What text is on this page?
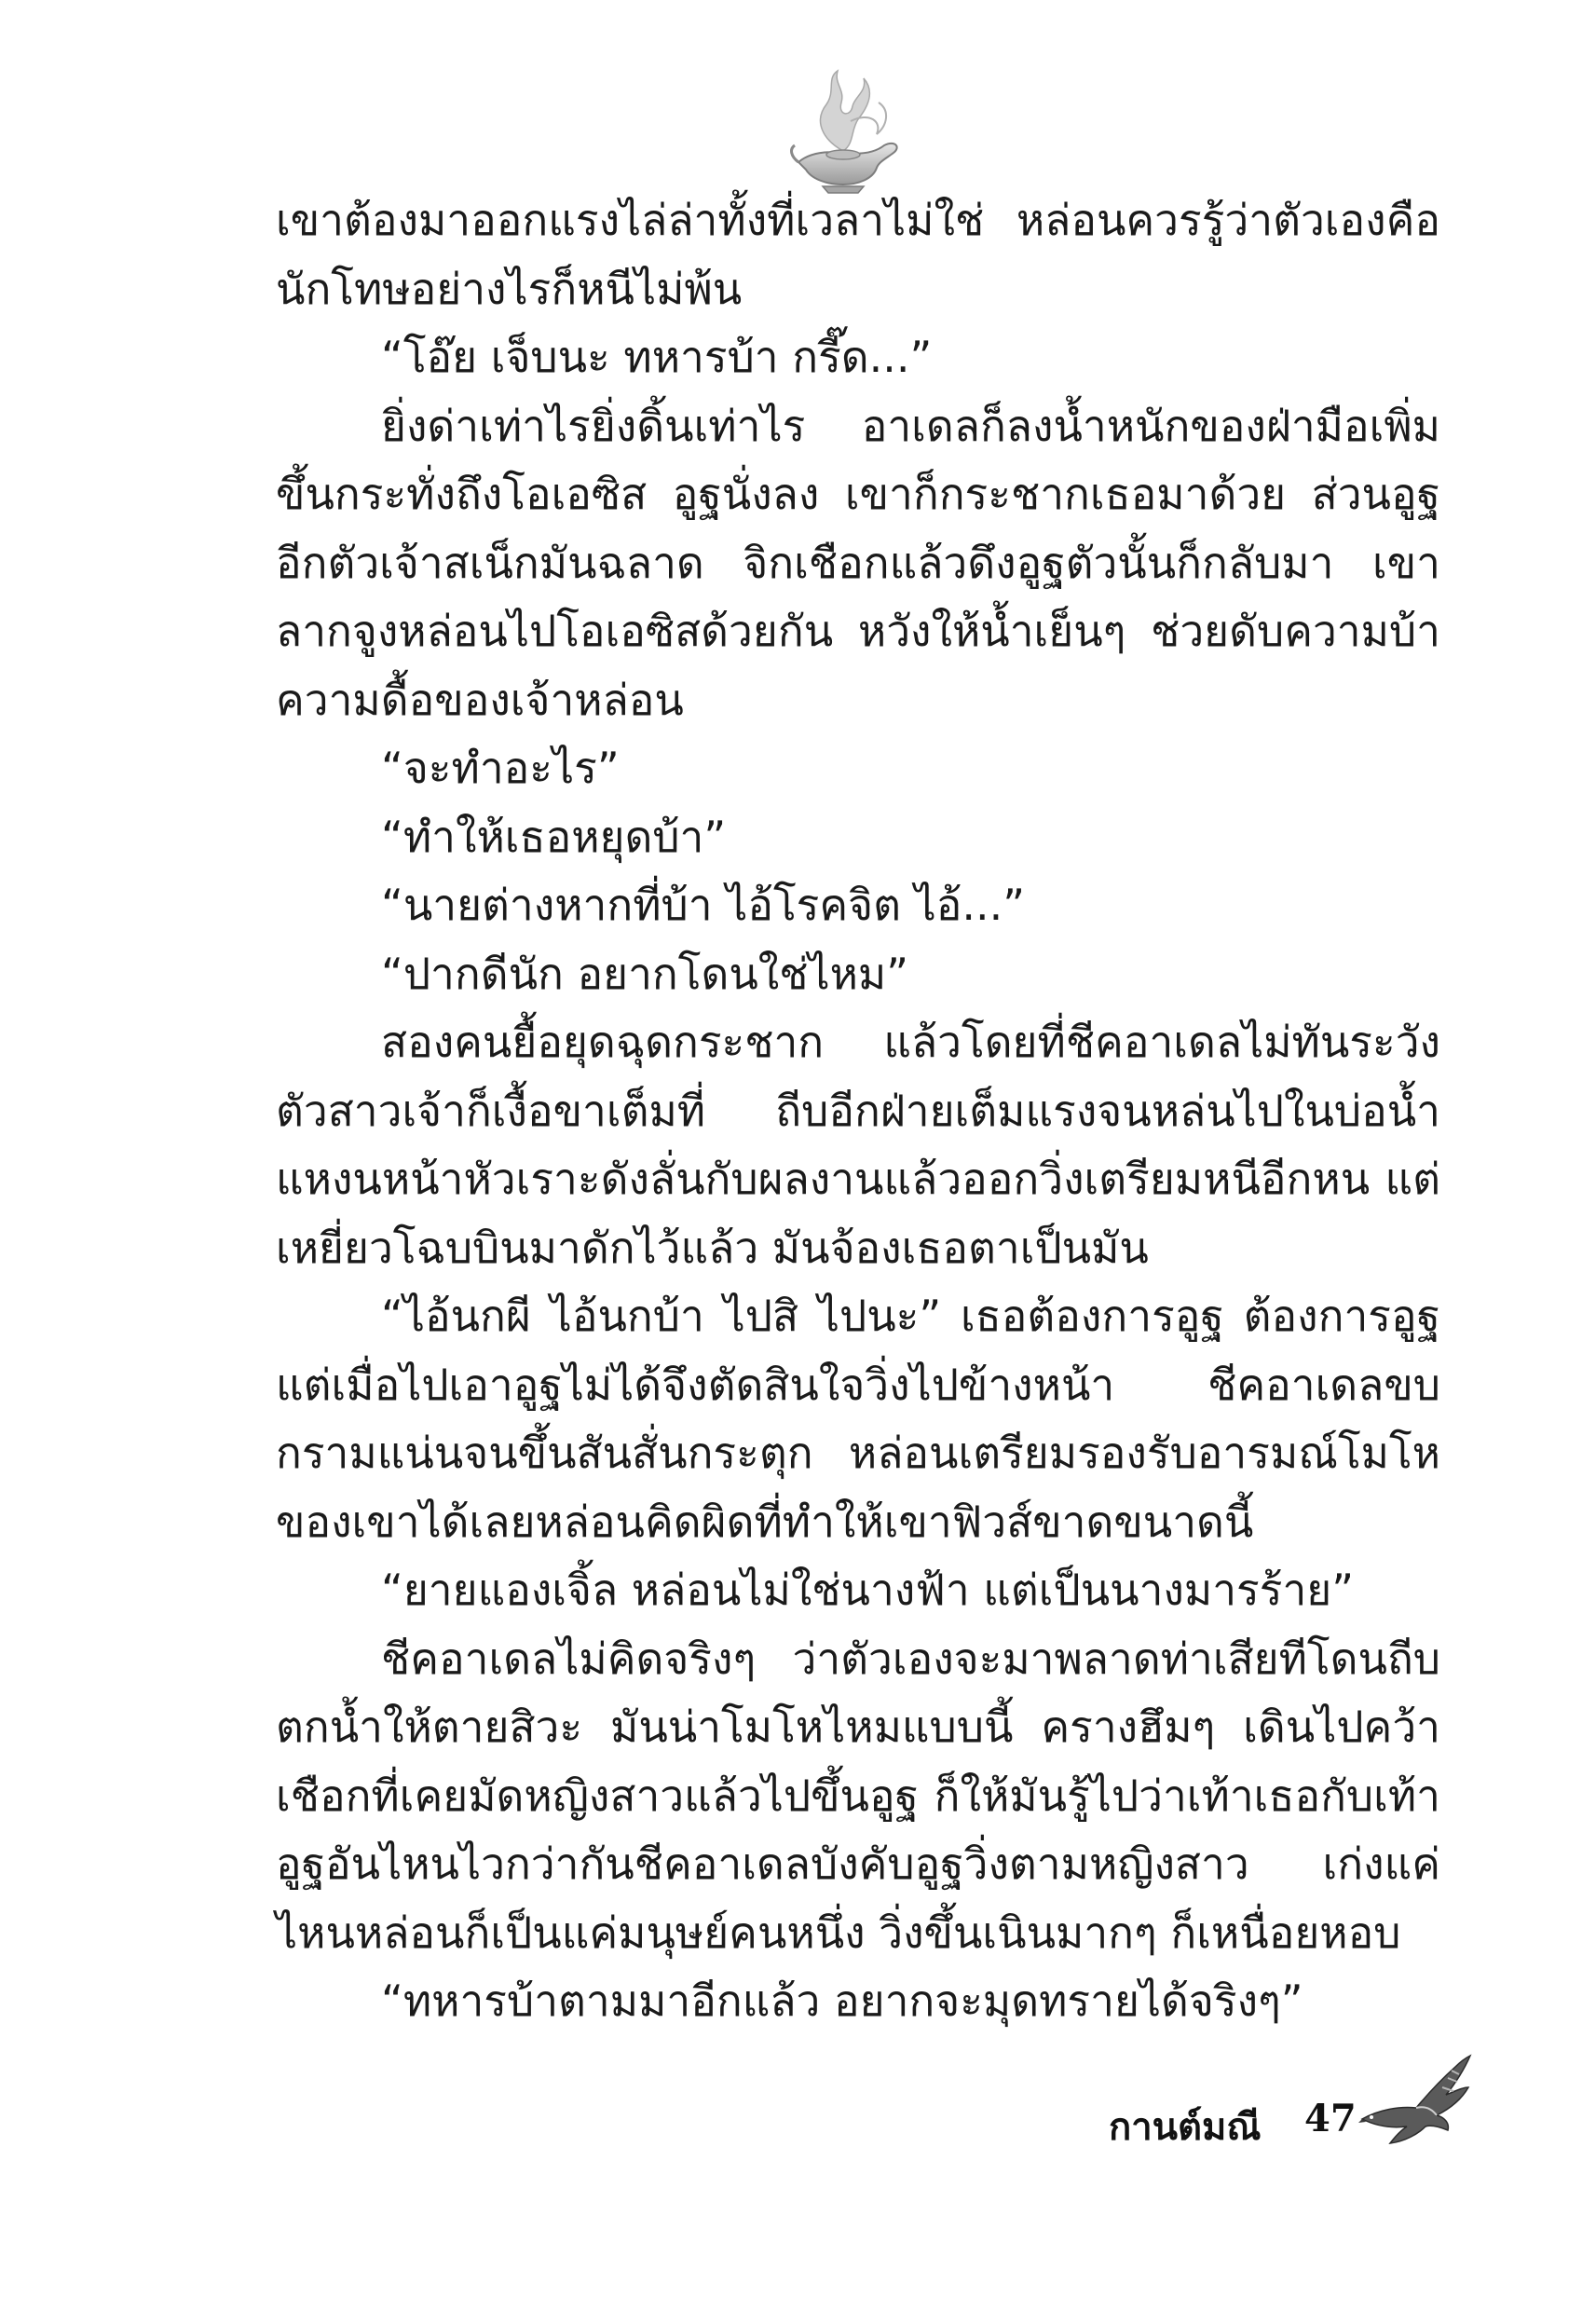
เขาต้องมาออกแรงไล่ล่าทั้งที่เวลาไม่ใช่ หล่อนควรรู้ว่าตัวเองคือนักโทษอย่างไรก็หนีไม่พ้น

“โอ๊ย เจ็บนะ ทหารบ้า กรี๊ด...”

ยิ่งด่าเท่าไรยิ่งดิ้นเท่าไร อาเดลก็ลงน้ำหนักของฝ่ามือเพิ่มขึ้นกระทั่งถึงโอเอซิส อูฐนั่งลง เขาก็กระชากเธอมาด้วย ส่วนอูฐอีกตัวเจ้าสเน็กมันฉลาด จิกเชือกแล้วดึงอูฐตัวนั้นก็กลับมา เขาลากจูงหล่อนไปโอเอซิสด้วยกัน หวังให้น้ำเย็นๆ ช่วยดับความบ้าความดื้อของเจ้าหล่อน

“จะทำอะไร”

“ทำให้เธอหยุดบ้า”

“นายต่างหากที่บ้า ไอ้โรคจิต ไอ้...”

“ปากดีนัก อยากโดนใช่ไหม”

สองคนยื้อยุดฉุดกระชาก แล้วโดยที่ชีคอาเดลไม่ทันระวังตัวสาวเจ้าก็เงื้อขาเต็มที่ ถีบอีกฝ่ายเต็มแรงจนหล่นไปในบ่อน้ำ แหงนหน้าหัวเราะดังลั่นกับผลงานแล้วออกวิ่งเตรียมหนีอีกหน แต่เหยี่ยวโฉบบินมาดักไว้แล้ว มันจ้องเธอตาเป็นมัน

“ไอ้นกผี ไอ้นกบ้า ไปสิ ไปนะ” เธอต้องการอูฐ ต้องการอูฐแต่เมื่อไปเอาอูฐไม่ได้จึงตัดสินใจวิ่งไปข้างหน้า ชีคอาเดลขบกรามแน่นจนขึ้นสันสั่นกระตุก หล่อนเตรียมรองรับอารมณ์โมโหของเขาได้เลยหล่อนคิดผิดที่ทำให้เขาฟิวส์ขาดขนาดนี้

“ยายแองเจิ้ล หล่อนไม่ใช่นางฟ้า แต่เป็นนางมารร้าย”

ชีคอาเดลไม่คิดจริงๆ ว่าตัวเองจะมาพลาดท่าเสียทีโดนถีบตกน้ำให้ตายสิวะ มันน่าโมโหไหมแบบนี้ ครางฮึมๆ เดินไปคว้าเชือกที่เคยมัดหญิงสาวแล้วไปขึ้นอูฐ ก็ให้มันรู้ไปว่าเท้าเธอกับเท้าอูฐอันไหนไวกว่ากันชีคอาเดลบังคับอูฐวิ่งตามหญิงสาว เก่งแค่ไหนหล่อนก็เป็นแค่มนุษย์คนหนึ่ง วิ่งขึ้นเนินมากๆ ก็เหนื่อยหอบ

“ทหารบ้าตามมาอีกแล้ว อยากจะมุดทรายได้จริงๆ”

กานต์มณี 47
